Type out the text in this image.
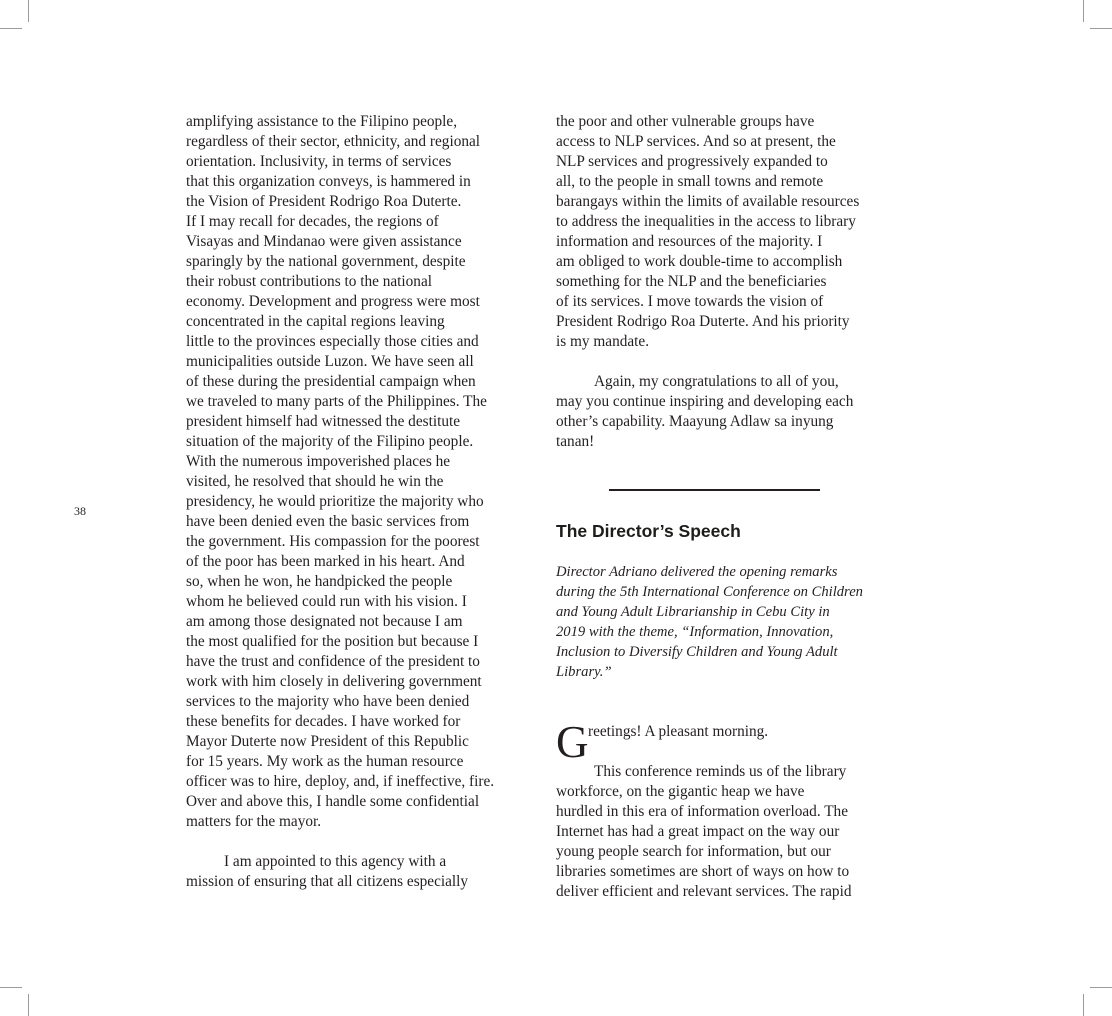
38
amplifying assistance to the Filipino people,
regardless of their sector, ethnicity, and regional
orientation. Inclusivity, in terms of services
that this organization conveys, is hammered in
the Vision of President Rodrigo Roa Duterte.
If I may recall for decades, the regions of
Visayas and Mindanao were given assistance
sparingly by the national government, despite
their robust contributions to the national
economy. Development and progress were most
concentrated in the capital regions leaving
little to the provinces especially those cities and
municipalities outside Luzon. We have seen all
of these during the presidential campaign when
we traveled to many parts of the Philippines. The
president himself had witnessed the destitute
situation of the majority of the Filipino people.
With the numerous impoverished places he
visited, he resolved that should he win the
presidency, he would prioritize the majority who
have been denied even the basic services from
the government. His compassion for the poorest
of the poor has been marked in his heart. And
so, when he won, he handpicked the people
whom he believed could run with his vision. I
am among those designated not because I am
the most qualified for the position but because I
have the trust and confidence of the president to
work with him closely in delivering government
services to the majority who have been denied
these benefits for decades. I have worked for
Mayor Duterte now President of this Republic
for 15 years. My work as the human resource
officer was to hire, deploy, and, if ineffective, fire.
Over and above this, I handle some confidential
matters for the mayor.
I am appointed to this agency with a
mission of ensuring that all citizens especially
the poor and other vulnerable groups have
access to NLP services. And so at present, the
NLP services and progressively expanded to
all, to the people in small towns and remote
barangays within the limits of available resources
to address the inequalities in the access to library
information and resources of the majority. I
am obliged to work double-time to accomplish
something for the NLP and the beneficiaries
of its services. I move towards the vision of
President Rodrigo Roa Duterte. And his priority
is my mandate.
Again, my congratulations to all of you,
may you continue inspiring and developing each
other’s capability. Maayung Adlaw sa inyung
tanan!
The Director’s Speech
Director Adriano delivered the opening remarks
during the 5th International Conference on Children
and Young Adult Librarianship in Cebu City in
2019 with the theme, “Information, Innovation,
Inclusion to Diversify Children and Young Adult
Library.”
G reetings! A pleasant morning.
This conference reminds us of the library
workforce, on the gigantic heap we have
hurdled in this era of information overload. The
Internet has had a great impact on the way our
young people search for information, but our
libraries sometimes are short of ways on how to
deliver efficient and relevant services. The rapid
